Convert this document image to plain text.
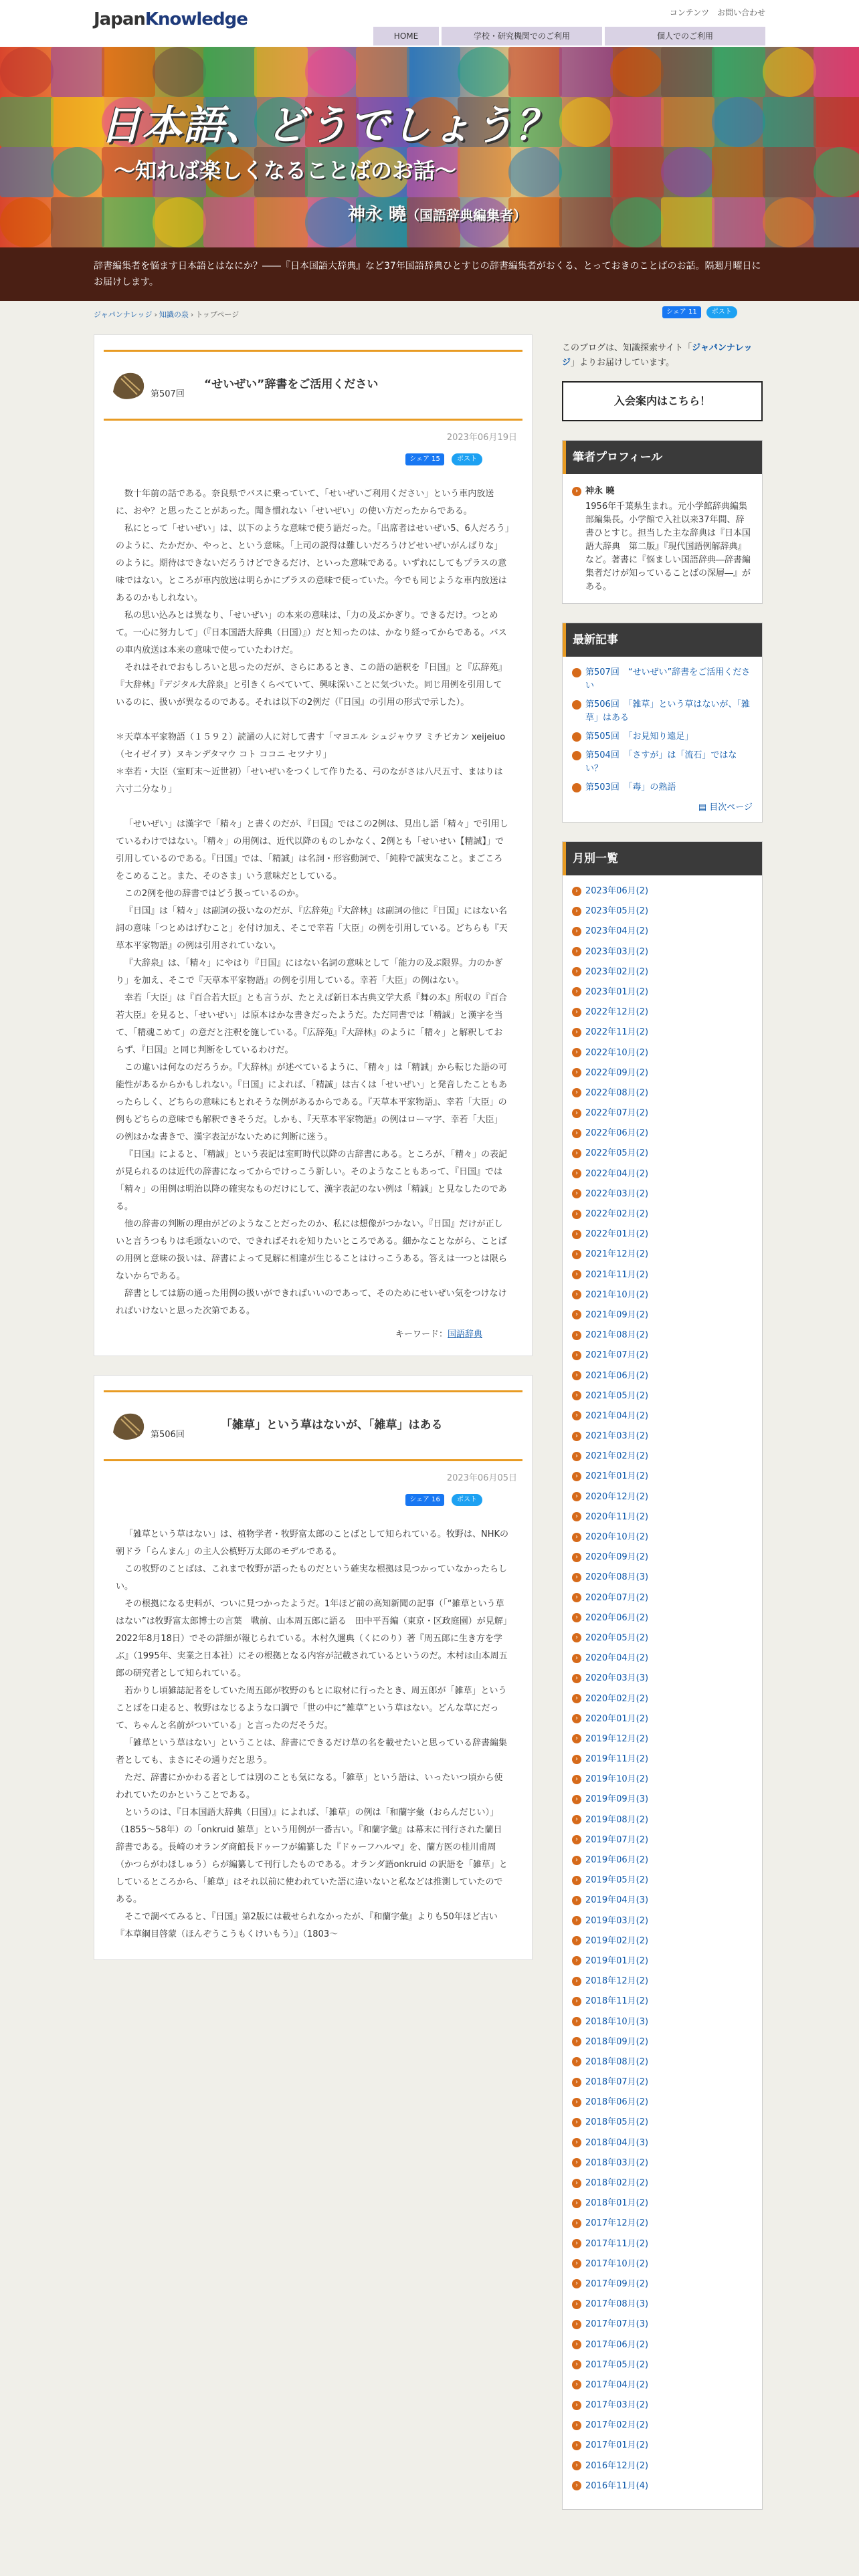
JapanKnowledge	コンテンツ お問い合わせ
HOME	学校・研究機関でのご利用	個人でのご利用
日本語、どうでしょう？
～知れば楽しくなることばのお話～
神永 曉（国語辞典編集者）

辞書編集者を悩ます日本語とはなにか？――『日本国語大辞典』など37年国語辞典ひとすじの辞書編集者がおくる、とっておきのことばのお話。隔週月曜日にお届けします。

ジャパンナレッジ › 知識の泉 › トップページ	シェア 11	ポスト
第507回
“せいぜい”辞書をご活用ください
2023年06月19日
シェア 15	ポスト

数十年前の話である。奈良県でバスに乗っていて、「せいぜいご利用ください」という車内放送に、おや？と思ったことがあった。聞き慣れない「せいぜい」の使い方だったからである。

私にとって「せいぜい」は、以下のような意味で使う語だった。「出席者はせいぜい5、6人だろう」のように、たかだか、やっと、という意味。「上司の説得は難しいだろうけどせいぜいがんばりな」のように。期待はできないだろうけどできるだけ、といった意味である。いずれにしてもプラスの意味ではない。ところが車内放送は明らかにプラスの意味で使っていた。今でも同じような車内放送はあるのかもしれない。

私の思い込みとは異なり、「せいぜい」の本来の意味は、「力の及ぶかぎり。できるだけ。つとめて。一心に努力して」（『日本国語大辞典（日国）』）だと知ったのは、かなり経ってからである。バスの車内放送は本来の意味で使っていたわけだ。

それはそれでおもしろいと思ったのだが、さらにあるとき、この語の語釈を『日国』と『広辞苑』『大辞林』『デジタル大辞泉』と引きくらべていて、興味深いことに気づいた。同じ用例を引用しているのに、扱いが異なるのである。それは以下の2例だ（『日国』の引用の形式で示した）。

＊天草本平家物語（１５９２）読誦の人に対して書す「マヨエル シュジャウヲ ミチビカン xeijeiuo（セイゼイヲ）ヌキンデタマウ コト ココニ セツナリ」

＊幸若・大臣（室町末～近世初）「せいぜいをつくして作りたる、弓のながさは八尺五寸、まはりは六寸二分なり」

「せいぜい」は漢字で「精々」と書くのだが、『日国』ではこの2例は、見出し語「精々」で引用しているわけではない。「精々」の用例は、近代以降のものしかなく、2例とも「せいせい【精誠】」で引用しているのである。『日国』では、「精誠」は名詞・形容動詞で、「純粋で誠実なこと。まごころをこめること。また、そのさま」いう意味だとしている。

この2例を他の辞書ではどう扱っているのか。

『日国』は「精々」は副詞の扱いなのだが、『広辞苑』『大辞林』は副詞の他に『日国』にはない名詞の意味「つとめはげむこと」を付け加え、そこで幸若「大臣」の例を引用している。どちらも『天草本平家物語』の例は引用されていない。

『大辞泉』は、「精々」にやはり『日国』にはない名詞の意味として「能力の及ぶ限界。力のかぎり」を加え、そこで『天草本平家物語』の例を引用している。幸若「大臣」の例はない。

幸若「大臣」は『百合若大臣』とも言うが、たとえば新日本古典文学大系『舞の本』所収の『百合若大臣』を見ると、「せいぜい」は原本はかな書きだったようだ。ただ同書では「精誠」と漢字を当て、「精魂こめて」の意だと注釈を施している。『広辞苑』『大辞林』のように「精々」と解釈しておらず、『日国』と同じ判断をしているわけだ。

この違いは何なのだろうか。『大辞林』が述べているように、「精々」は「精誠」から転じた語の可能性があるからかもしれない。『日国』によれば、「精誠」は古くは「せいぜい」と発音したこともあったらしく、どちらの意味にもとれそうな例があるからである。『天草本平家物語』、幸若「大臣」の例もどちらの意味でも解釈できそうだ。しかも、『天草本平家物語』の例はローマ字、幸若「大臣」の例はかな書きで、漢字表記がないために判断に迷う。

『日国』によると、「精誠」という表記は室町時代以降の古辞書にある。ところが、「精々」の表記が見られるのは近代の辞書になってからでけっこう新しい。そのようなこともあって、『日国』では「精々」の用例は明治以降の確実なものだけにして、漢字表記のない例は「精誠」と見なしたのである。

他の辞書の判断の理由がどのようなことだったのか、私には想像がつかない。『日国』だけが正しいと言うつもりは毛頭ないので、できればそれを知りたいところである。細かなことながら、ことばの用例と意味の扱いは、辞書によって見解に相違が生じることはけっこうある。答えは一つとは限らないからである。

辞書としては筋の通った用例の扱いができればいいのであって、そのためにせいぜい気をつけなければいけないと思った次第である。

キーワード：国語辞典
第506回
「雑草」という草はないが、「雑草」はある
2023年06月05日
シェア 16	ポスト

「雑草という草はない」は、植物学者・牧野富太郎のことばとして知られている。牧野は、NHKの朝ドラ「らんまん」の主人公槙野万太郎のモデルである。

この牧野のことばは、これまで牧野が語ったものだという確実な根拠は見つかっていなかったらしい。

その根拠になる史料が、ついに見つかったようだ。1年ほど前の高知新聞の記事（「“雑草という草はない”は牧野富太郎博士の言葉　戦前、山本周五郎に語る　田中平吾編（東京・区政庭園）が見解」2022年8月18日）でその詳細が報じられている。木村久邇典（くにのり）著『周五郎に生き方を学ぶ』（1995年、実業之日本社）にその根拠となる内容が記載されているというのだ。木村は山本周五郎の研究者として知られている。

若かりし頃雑誌記者をしていた周五郎が牧野のもとに取材に行ったとき、周五郎が「雑草」ということばを口走ると、牧野はなじるような口調で「世の中に“雑草”という草はない。どんな草にだって、ちゃんと名前がついている」と言ったのだそうだ。

「雑草という草はない」ということは、辞書にできるだけ草の名を載せたいと思っている辞書編集者としても、まさにその通りだと思う。

ただ、辞書にかかわる者としては別のことも気になる。「雑草」という語は、いったいつ頃から使われていたのかということである。

というのは、『日本国語大辞典（日国）』によれば、「雑草」の例は「和蘭字彙（おらんだじい）」（1855～58年）の「onkruid 雑草」という用例が一番古い。『和蘭字彙』は幕末に刊行された蘭日辞書である。長崎のオランダ商館長ドゥーフが編纂した『ドゥーフハルマ』を、蘭方医の桂川甫周（かつらがわほしゅう）らが編纂して刊行したものである。オランダ語onkruid の訳語を「雑草」としているところから、「雑草」はそれ以前に使われていた語に違いないと私などは推測していたのである。

そこで調べてみると、『日国』第2版には載せられなかったが、『和蘭字彙』よりも50年ほど古い『本草綱目啓蒙（ほんぞうこうもくけいもう）』（1803～

このブログは、知識探索サイト「ジャパンナレッジ」よりお届けしています。
入会案内はこちら！
筆者プロフィール
› 神永 曉
1956年千葉県生まれ。元小学館辞典編集部編集長。小学館で入社以来37年間、辞書ひとすじ。担当した主な辞典は『日本国語大辞典　第二版』『現代国語例解辞典』など。著書に『悩ましい国語辞典―辞書編集者だけが知っていることばの深層―』がある。
最新記事
› 第507回　“せいぜい”辞書をご活用ください
› 第506回　「雑草」という草はないが、「雑草」はある
› 第505回　「お見知り遠足」
› 第504回　「さすが」は「流石」ではない？
› 第503回　「毒」の熟語
▤ 目次ページ
月別一覧
› 2023年06月(2)
› 2023年05月(2)
› 2023年04月(2)
› 2023年03月(2)
› 2023年02月(2)
› 2023年01月(2)
› 2022年12月(2)
› 2022年11月(2)
› 2022年10月(2)
› 2022年09月(2)
› 2022年08月(2)
› 2022年07月(2)
› 2022年06月(2)
› 2022年05月(2)
› 2022年04月(2)
› 2022年03月(2)
› 2022年02月(2)
› 2022年01月(2)
› 2021年12月(2)
› 2021年11月(2)
› 2021年10月(2)
› 2021年09月(2)
› 2021年08月(2)
› 2021年07月(2)
› 2021年06月(2)
› 2021年05月(2)
› 2021年04月(2)
› 2021年03月(2)
› 2021年02月(2)
› 2021年01月(2)
› 2020年12月(2)
› 2020年11月(2)
› 2020年10月(2)
› 2020年09月(2)
› 2020年08月(3)
› 2020年07月(2)
› 2020年06月(2)
› 2020年05月(2)
› 2020年04月(2)
› 2020年03月(3)
› 2020年02月(2)
› 2020年01月(2)
› 2019年12月(2)
› 2019年11月(2)
› 2019年10月(2)
› 2019年09月(3)
› 2019年08月(2)
› 2019年07月(2)
› 2019年06月(2)
› 2019年05月(2)
› 2019年04月(3)
› 2019年03月(2)
› 2019年02月(2)
› 2019年01月(2)
› 2018年12月(2)
› 2018年11月(2)
› 2018年10月(3)
› 2018年09月(2)
› 2018年08月(2)
› 2018年07月(2)
› 2018年06月(2)
› 2018年05月(2)
› 2018年04月(3)
› 2018年03月(2)
› 2018年02月(2)
› 2018年01月(2)
› 2017年12月(2)
› 2017年11月(2)
› 2017年10月(2)
› 2017年09月(2)
› 2017年08月(3)
› 2017年07月(3)
› 2017年06月(2)
› 2017年05月(2)
› 2017年04月(2)
› 2017年03月(2)
› 2017年02月(2)
› 2017年01月(2)
› 2016年12月(2)
› 2016年11月(4)
